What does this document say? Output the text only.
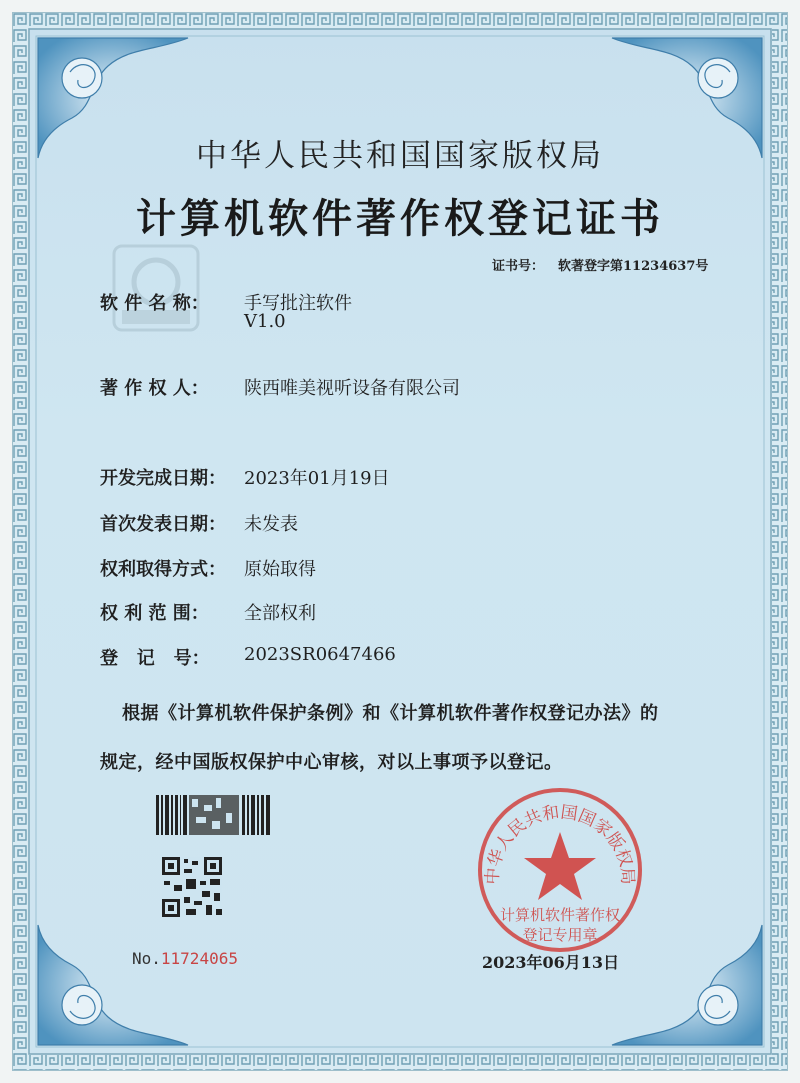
中华人民共和国国家版权局
计算机软件著作权登记证书
证书号： 软著登字第11234637号
软 件 名 称： 手写批注软件
V1.0
著 作 权 人： 陕西唯美视听设备有限公司
开发完成日期： 2023年01月19日
首次发表日期： 未发表
权利取得方式： 原始取得
权 利 范 围： 全部权利
登   记   号： 2023SR0647466
根据《计算机软件保护条例》和《计算机软件著作权登记办法》的
规定，经中国版权保护中心审核，对以上事项予以登记。
No.11724065	2023年06月13日
中华人民共和国国家版权局
计算机软件著作权
登记专用章
